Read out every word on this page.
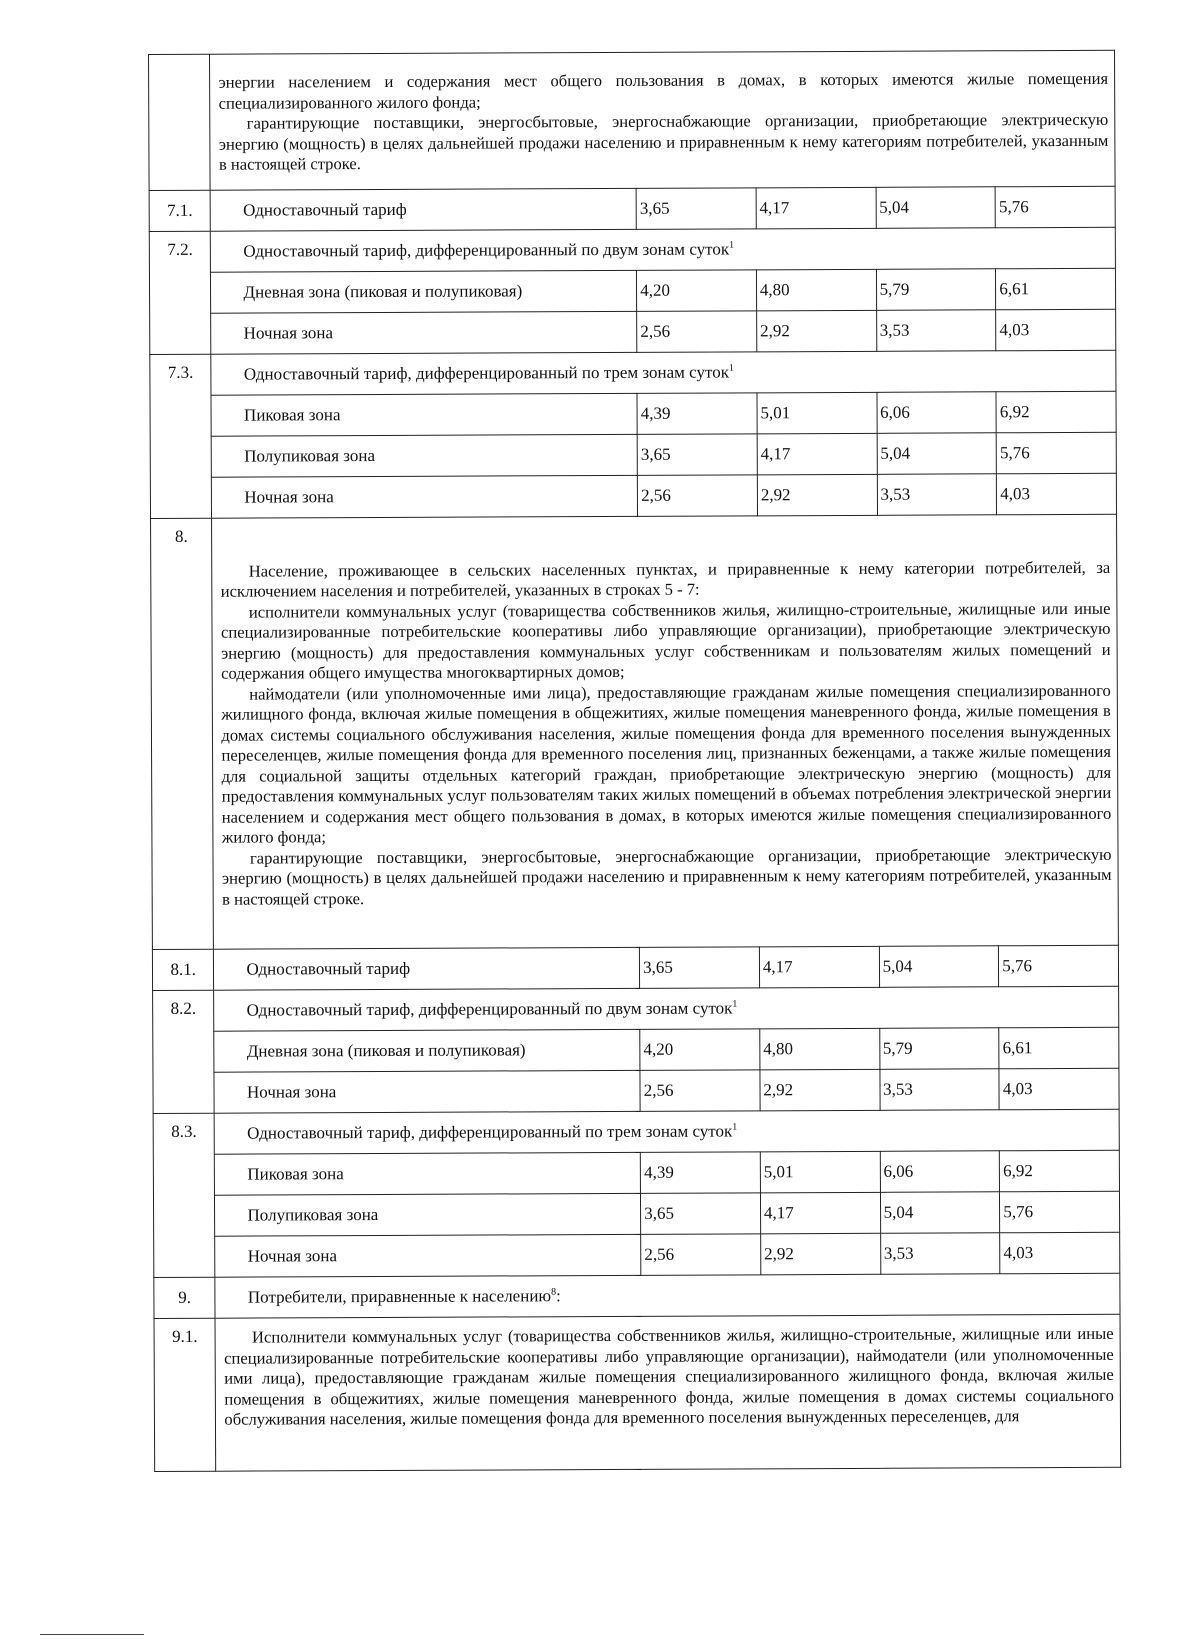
	энергии населением и содержания мест общего пользования в домах, в которых имеются жилые помещения специализированного жилого фонда;

гарантирующие поставщики, энергосбытовые, энергоснабжающие организации, приобретающие электрическую энергию (мощность) в целях дальнейшей продажи населению и приравненным к нему категориям потребителей, указанным в настоящей строке.				

7.1.	Одноставочный тариф	3,65	4,17	5,04	5,76
7.2.	Одноставочный тариф, дифференцированный по двум зонам суток$^1$
	Дневная зона (пиковая и полупиковая)	4,20	4,80	5,79	6,61
	Ночная зона	2,56	2,92	3,53	4,03
7.3.	Одноставочный тариф, дифференцированный по трем зонам суток$^1$
	Пиковая зона	4,39	5,01	6,06	6,92
	Полупиковая зона	3,65	4,17	5,04	5,76
	Ночная зона	2,56	2,92	3,53	4,03
8.	Население, проживающее в сельских населенных пунктах, и приравненные к нему категории потребителей, за исключением населения и потребителей, указанных в строках 5 - 7:

исполнители коммунальных услуг (товарищества собственников жилья, жилищно-строительные, жилищные или иные специализированные потребительские кооперативы либо управляющие организации), приобретающие электрическую энергию (мощность) для предоставления коммунальных услуг собственникам и пользователям жилых помещений и содержания общего имущества многоквартирных домов;

наймодатели (или уполномоченные ими лица), предоставляющие гражданам жилые помещения специализированного жилищного фонда, включая жилые помещения в общежитиях, жилые помещения маневренного фонда, жилые помещения в домах системы социального обслуживания населения, жилые помещения фонда для временного поселения вынужденных переселенцев, жилые помещения фонда для временного поселения лиц, признанных беженцами, а также жилые помещения для социальной защиты отдельных категорий граждан, приобретающие электрическую энергию (мощность) для предоставления коммунальных услуг пользователям таких жилых помещений в объемах потребления электрической энергии населением и содержания мест общего пользования в домах, в которых имеются жилые помещения специализированного жилого фонда;

гарантирующие поставщики, энергосбытовые, энергоснабжающие организации, приобретающие электрическую энергию (мощность) в целях дальнейшей продажи населению и приравненным к нему категориям потребителей, указанным в настоящей строке.				

8.1.	Одноставочный тариф	3,65	4,17	5,04	5,76
8.2.	Одноставочный тариф, дифференцированный по двум зонам суток$^1$
	Дневная зона (пиковая и полупиковая)	4,20	4,80	5,79	6,61
	Ночная зона	2,56	2,92	3,53	4,03
8.3.	Одноставочный тариф, дифференцированный по трем зонам суток$^1$
	Пиковая зона	4,39	5,01	6,06	6,92
	Полупиковая зона	3,65	4,17	5,04	5,76
	Ночная зона	2,56	2,92	3,53	4,03
9.	Потребители, приравненные к населению$^8$:				
9.1.	Исполнители коммунальных услуг (товарищества собственников жилья, жилищно-строительные, жилищные или иные специализированные потребительские кооперативы либо управляющие организации), наймодатели (или уполномоченные ими лица), предоставляющие гражданам жилые помещения специализированного жилищного фонда, включая жилые помещения в общежитиях, жилые помещения маневренного фонда, жилые помещения в домах системы социального обслуживания населения, жилые помещения фонда для временного поселения вынужденных переселенцев, для				
